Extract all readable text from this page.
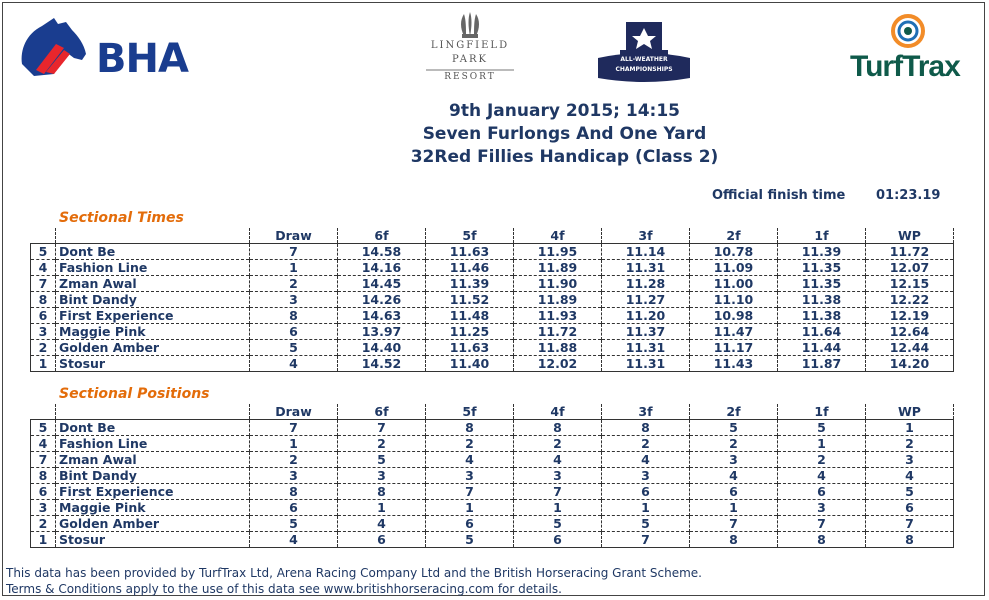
BHA	LINGFIELD
PARK
RESORT
ALL-WEATHER
CHAMPIONSHIPS	TurfTrax
9th January 2015; 14:15
Seven Furlongs And One Yard
32Red Fillies Handicap (Class 2)
Official finish time 01:23.19
Sectional Times
		Draw	6f	5f	4f	3f	2f	1f	WP
5	Dont Be	7	14.58	11.63	11.95	11.14	10.78	11.39	11.72
4	Fashion Line	1	14.16	11.46	11.89	11.31	11.09	11.35	12.07
7	Zman Awal	2	14.45	11.39	11.90	11.28	11.00	11.35	12.15
8	Bint Dandy	3	14.26	11.52	11.89	11.27	11.10	11.38	12.22
6	First Experience	8	14.63	11.48	11.93	11.20	10.98	11.38	12.19
3	Maggie Pink	6	13.97	11.25	11.72	11.37	11.47	11.64	12.64
2	Golden Amber	5	14.40	11.63	11.88	11.31	11.17	11.44	12.44
1	Stosur	4	14.52	11.40	12.02	11.31	11.43	11.87	14.20
Sectional Positions
		Draw	6f	5f	4f	3f	2f	1f	WP
5	Dont Be	7	7	8	8	8	5	5	1
4	Fashion Line	1	2	2	2	2	2	1	2
7	Zman Awal	2	5	4	4	4	3	2	3
8	Bint Dandy	3	3	3	3	3	4	4	4
6	First Experience	8	8	7	7	6	6	6	5
3	Maggie Pink	6	1	1	1	1	1	3	6
2	Golden Amber	5	4	6	5	5	7	7	7
1	Stosur	4	6	5	6	7	8	8	8
This data has been provided by TurfTrax Ltd, Arena Racing Company Ltd and the British Horseracing Grant Scheme.
Terms & Conditions apply to the use of this data see www.britishhorseracing.com for details.
